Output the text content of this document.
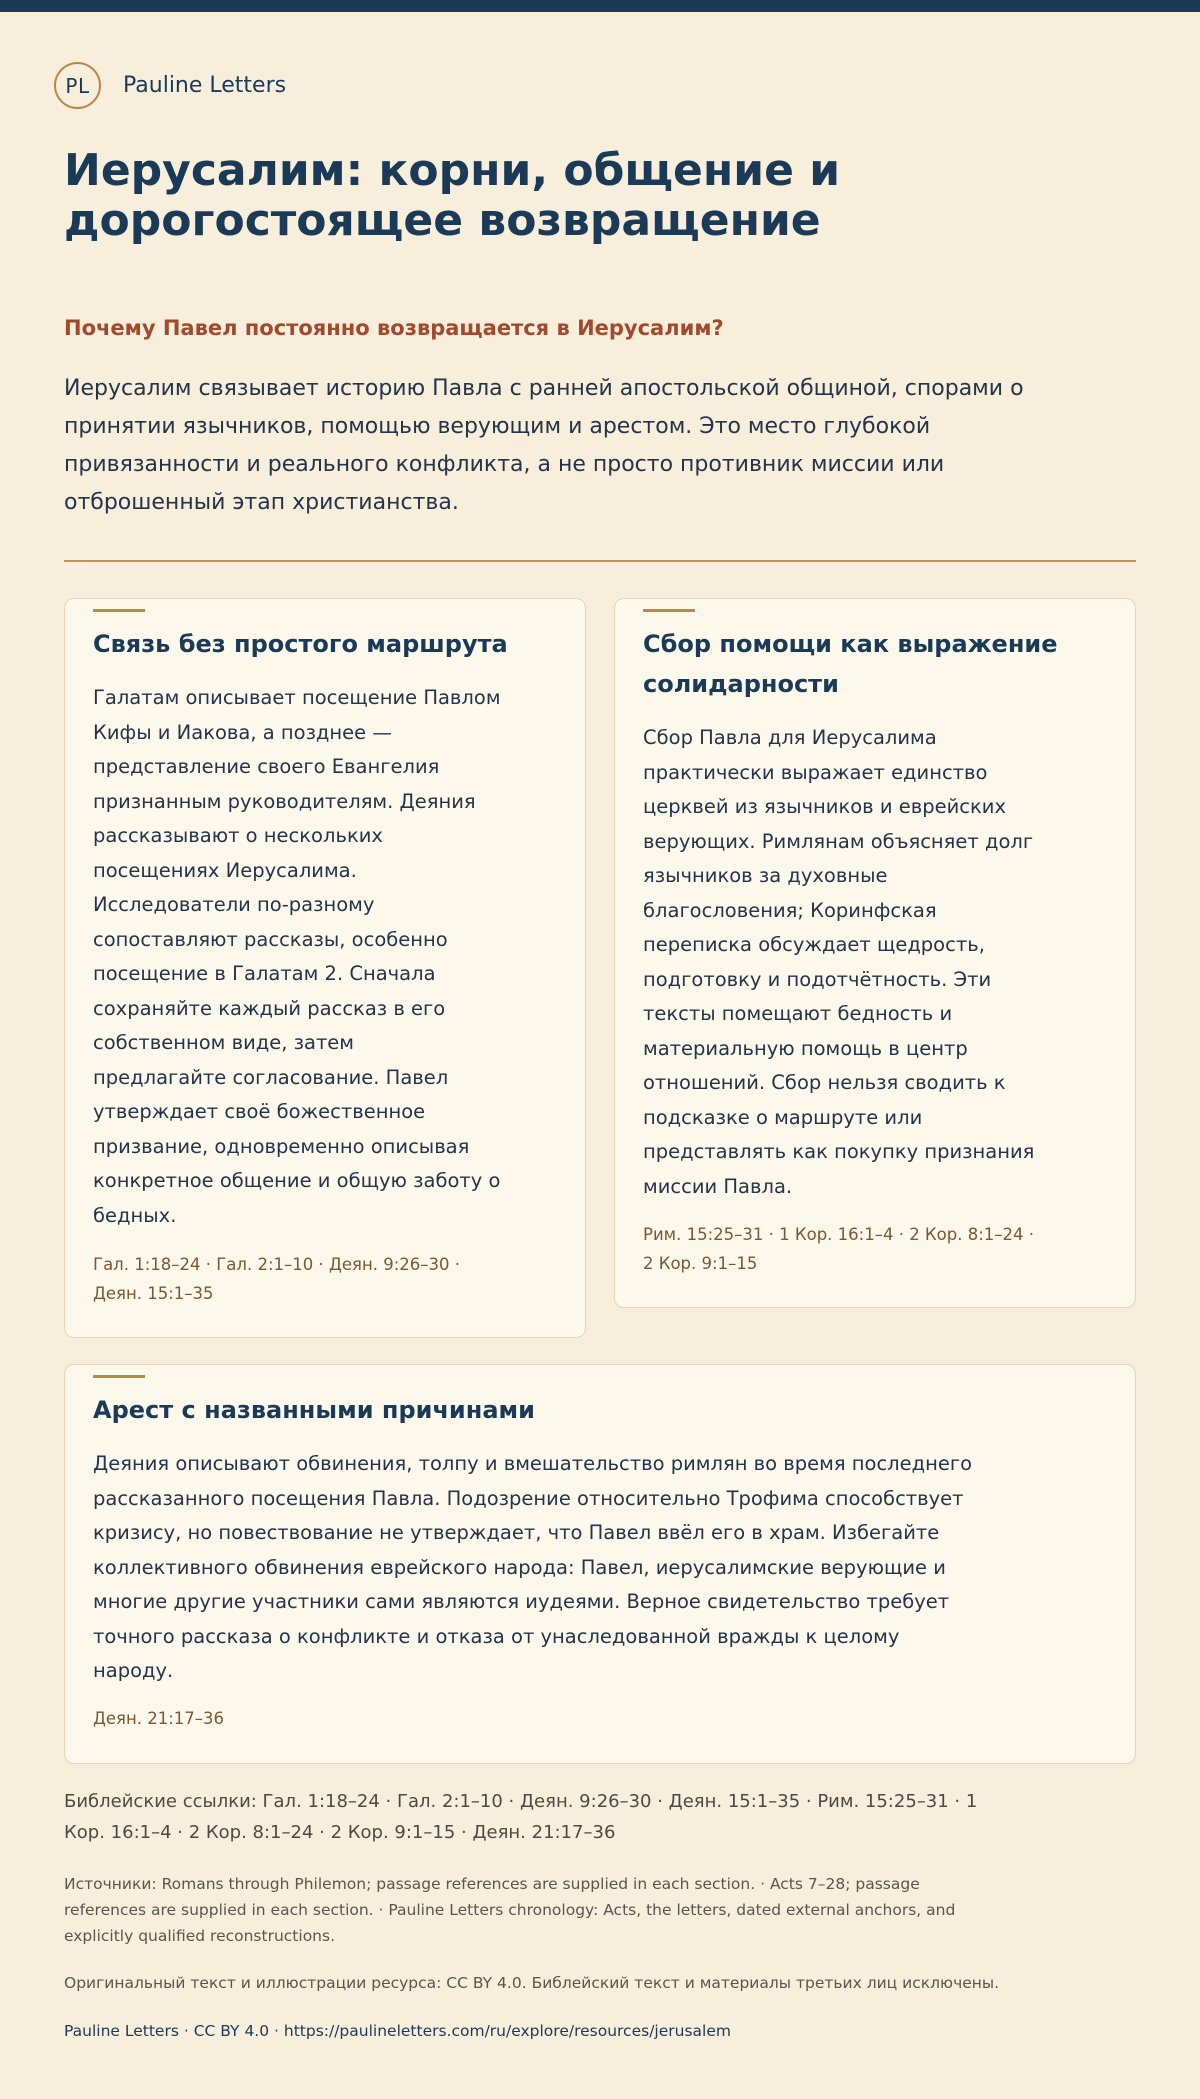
PL	Pauline Letters
Иерусалим: корни, общение и
дорогостоящее возвращение
Почему Павел постоянно возвращается в Иерусалим?

Иерусалим связывает историю Павла с ранней апостольской общиной, спорами о
принятии язычников, помощью верующим и арестом. Это место глубокой
привязанности и реального конфликта, а не просто противник миссии или
отброшенный этап христианства.

Связь без простого маршрута

Галатам описывает посещение Павлом
Кифы и Иакова, а позднее —
представление своего Евангелия
признанным руководителям. Деяния
рассказывают о нескольких
посещениях Иерусалима.
Исследователи по-разному
сопоставляют рассказы, особенно
посещение в Галатам 2. Сначала
сохраняйте каждый рассказ в его
собственном виде, затем
предлагайте согласование. Павел
утверждает своё божественное
призвание, одновременно описывая
конкретное общение и общую заботу о
бедных.

Гал. 1:18–24 · Гал. 2:1–10 · Деян. 9:26–30 ·
Деян. 15:1–35

Сбор помощи как выражение
солидарности

Сбор Павла для Иерусалима
практически выражает единство
церквей из язычников и еврейских
верующих. Римлянам объясняет долг
язычников за духовные
благословения; Коринфская
переписка обсуждает щедрость,
подготовку и подотчётность. Эти
тексты помещают бедность и
материальную помощь в центр
отношений. Сбор нельзя сводить к
подсказке о маршруте или
представлять как покупку признания
миссии Павла.

Рим. 15:25–31 · 1 Кор. 16:1–4 · 2 Кор. 8:1–24 ·
2 Кор. 9:1–15

Арест с названными причинами

Деяния описывают обвинения, толпу и вмешательство римлян во время последнего
рассказанного посещения Павла. Подозрение относительно Трофима способствует
кризису, но повествование не утверждает, что Павел ввёл его в храм. Избегайте
коллективного обвинения еврейского народа: Павел, иерусалимские верующие и
многие другие участники сами являются иудеями. Верное свидетельство требует
точного рассказа о конфликте и отказа от унаследованной вражды к целому
народу.

Деян. 21:17–36

Библейские ссылки: Гал. 1:18–24 · Гал. 2:1–10 · Деян. 9:26–30 · Деян. 15:1–35 · Рим. 15:25–31 · 1
Кор. 16:1–4 · 2 Кор. 8:1–24 · 2 Кор. 9:1–15 · Деян. 21:17–36

Источники: Romans through Philemon; passage references are supplied in each section. · Acts 7–28; passage
references are supplied in each section. · Pauline Letters chronology: Acts, the letters, dated external anchors, and
explicitly qualified reconstructions.

Оригинальный текст и иллюстрации ресурса: CC BY 4.0. Библейский текст и материалы третьих лиц исключены.

Pauline Letters · CC BY 4.0 · https://paulineletters.com/ru/explore/resources/jerusalem
